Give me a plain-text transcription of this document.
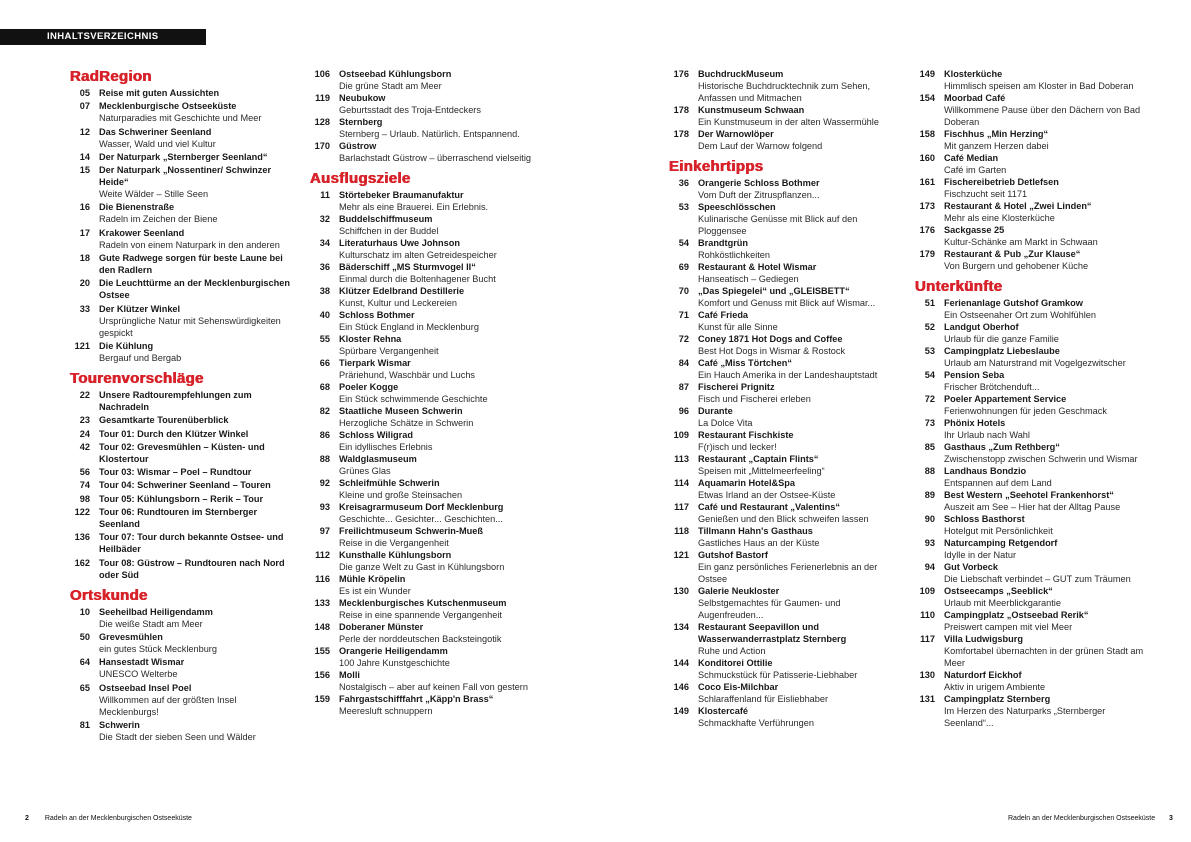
INHALTSVERZEICHNIS
RadRegion
05 Reise mit guten Aussichten
07 Mecklenburgische Ostseeküste
Naturparadies mit Geschichte und Meer
12 Das Schweriner Seenland
Wasser, Wald und viel Kultur
14 Der Naturpark „Sternberger Seenland“
15 Der Naturpark „Nossentiner/ Schwinzer Heide“
Weite Wälder – Stille Seen
16 Die Bienenstraße
Radeln im Zeichen der Biene
17 Krakower Seenland
Radeln von einem Naturpark in den anderen
18 Gute Radwege sorgen für beste Laune bei den Radlern
20 Die Leuchttürme an der Mecklenburgischen Ostsee
33 Der Klützer Winkel
Ursprüngliche Natur mit Sehenswürdigkeiten gespickt
121 Die Kühlung
Bergauf und Bergab
Tourenvorschläge
22 Unsere Radtourempfehlungen zum Nachradeln
23 Gesamtkarte Tourenüberblick
24 Tour 01: Durch den Klützer Winkel
42 Tour 02: Grevesmühlen – Küsten- und Klostertour
56 Tour 03: Wismar – Poel – Rundtour
74 Tour 04: Schweriner Seenland – Touren
98 Tour 05: Kühlungsborn – Rerik – Tour
122 Tour 06: Rundtouren im Sternberger Seenland
136 Tour 07: Tour durch bekannte Ostsee- und Heilbäder
162 Tour 08: Güstrow – Rundtouren nach Nord oder Süd
Ortskunde
10 Seeheilbad Heiligendamm
Die weiße Stadt am Meer
50 Grevesmühlen
ein gutes Stück Mecklenburg
64 Hansestadt Wismar
UNESCO Welterbe
65 Ostseebad Insel Poel
Willkommen auf der größten Insel Mecklenburgs!
81 Schwerin
Die Stadt der sieben Seen und Wälder
106 Ostseebad Kühlungsborn
Die grüne Stadt am Meer
119 Neubukow
Geburtsstadt des Troja-Entdeckers
128 Sternberg
Sternberg – Urlaub. Natürlich. Entspannend.
170 Güstrow
Barlachstadt Güstrow – überraschend vielseitig
Ausflugsziele
11 Störtebeker Braumanufaktur
Mehr als eine Brauerei. Ein Erlebnis.
32 Buddelschiffmuseum
Schiffchen in der Buddel
34 Literaturhaus Uwe Johnson
Kulturschatz im alten Getreidespeicher
36 Bäderschiff „MS Sturmvogel II“
Einmal durch die Boltenhagener Bucht
38 Klützer Edelbrand Destillerie
Kunst, Kultur und Leckereien
40 Schloss Bothmer
Ein Stück England in Mecklenburg
55 Kloster Rehna
Spürbare Vergangenheit
66 Tierpark Wismar
Präriehund, Waschbär und Luchs
68 Poeler Kogge
Ein Stück schwimmende Geschichte
82 Staatliche Museen Schwerin
Herzogliche Schätze in Schwerin
86 Schloss Wiligrad
Ein idyllisches Erlebnis
88 Waldglasmuseum
Grünes Glas
92 Schleifmühle Schwerin
Kleine und große Steinsachen
93 Kreisagrarmuseum Dorf Mecklenburg
Geschichte... Gesichter... Geschichten...
97 Freilichtmuseum Schwerin-Mueß
Reise in die Vergangenheit
112 Kunsthalle Kühlungsborn
Die ganze Welt zu Gast in Kühlungsborn
116 Mühle Kröpelin
Es ist ein Wunder
133 Mecklenburgisches Kutschenmuseum
Reise in eine spannende Vergangenheit
148 Doberaner Münster
Perle der norddeutschen Backsteingotik
155 Orangerie Heiligendamm
100 Jahre Kunstgeschichte
156 Molli
Nostalgisch – aber auf keinen Fall von gestern
159 Fahrgastschifffahrt „Käpp'n Brass“
Meeresluft schnuppern
176 BuchdruckMuseum
Historische Buchdrucktechnik zum Sehen, Anfassen und Mitmachen
178 Kunstmuseum Schwaan
Ein Kunstmuseum in der alten Wassermühle
178 Der Warnowlöper
Dem Lauf der Warnow folgend
Einkehrtipps
36 Orangerie Schloss Bothmer
Vom Duft der Zitruspflanzen...
53 Speeschlösschen
Kulinarische Genüsse mit Blick auf den Ploggensee
54 Brandtgrün
Rohköstlichkeiten
69 Restaurant & Hotel Wismar
Hanseatisch – Gediegen
70 „Das Spiegelei“ und „GLEISBETT“
Komfort und Genuss mit Blick auf Wismar...
71 Café Frieda
Kunst für alle Sinne
72 Coney 1871 Hot Dogs and Coffee
Best Hot Dogs in Wismar & Rostock
84 Café „Miss Törtchen“
Ein Hauch Amerika in der Landeshauptstadt
87 Fischerei Prignitz
Fisch und Fischerei erleben
96 Durante
La Dolce Vita
109 Restaurant Fischkiste
F(r)isch und lecker!
113 Restaurant „Captain Flints“
Speisen mit „Mittelmeerfeeling“
114 Aquamarin Hotel&Spa
Etwas Irland an der Ostsee-Küste
117 Café und Restaurant „Valentins“
Genießen und den Blick schweifen lassen
118 Tillmann Hahn's Gasthaus
Gastliches Haus an der Küste
121 Gutshof Bastorf
Ein ganz persönliches Ferienerlebnis an der Ostsee
130 Galerie Neukloster
Selbstgemachtes für Gaumen- und Augenfreuden...
134 Restaurant Seepavillon und Wasserwanderrastplatz Sternberg
Ruhe und Action
144 Konditorei Ottilie
Schmuckstück für Patisserie-Liebhaber
146 Coco Eis-Milchbar
Schlaraffenland für Eisliebhaber
149 Klostercafé
Schmackhafte Verführungen
149 Klosterküche
Himmlisch speisen am Kloster in Bad Doberan
154 Moorbad Café
Willkommene Pause über den Dächern von Bad Doberan
158 Fischhus „Min Herzing“
Mit ganzem Herzen dabei
160 Café Median
Café im Garten
161 Fischereibetrieb Detlefsen
Fischzucht seit 1171
173 Restaurant & Hotel „Zwei Linden“
Mehr als eine Klosterküche
176 Sackgasse 25
Kultur-Schänke am Markt in Schwaan
179 Restaurant & Pub „Zur Klause“
Von Burgern und gehobener Küche
Unterkünfte
51 Ferienanlage Gutshof Gramkow
Ein Ostseenaher Ort zum Wohlfühlen
52 Landgut Oberhof
Urlaub für die ganze Familie
53 Campingplatz Liebeslaube
Urlaub am Naturstrand mit Vogelgezwitscher
54 Pension Seba
Frischer Brötchenduft...
72 Poeler Appartement Service
Ferienwohnungen für jeden Geschmack
73 Phönix Hotels
Ihr Urlaub nach Wahl
85 Gasthaus „Zum Rethberg“
Zwischenstopp zwischen Schwerin und Wismar
88 Landhaus Bondzio
Entspannen auf dem Land
89 Best Western „Seehotel Frankenhorst“
Auszeit am See – Hier hat der Alltag Pause
90 Schloss Basthorst
Hotelgut mit Persönlichkeit
93 Naturcamping Retgendorf
Idylle in der Natur
94 Gut Vorbeck
Die Liebschaft verbindet – GUT zum Träumen
109 Ostseecamps „Seeblick“
Urlaub mit Meerblickgarantie
110 Campingplatz „Ostseebad Rerik“
Preiswert campen mit viel Meer
117 Villa Ludwigsburg
Komfortabel übernachten in der grünen Stadt am Meer
130 Naturdorf Eickhof
Aktiv in urigem Ambiente
131 Campingplatz Sternberg
Im Herzen des Naturparks „Sternberger Seenland“...
2 Radeln an der Mecklenburgischen Ostseeküste	Radeln an der Mecklenburgischen Ostseeküste 3
